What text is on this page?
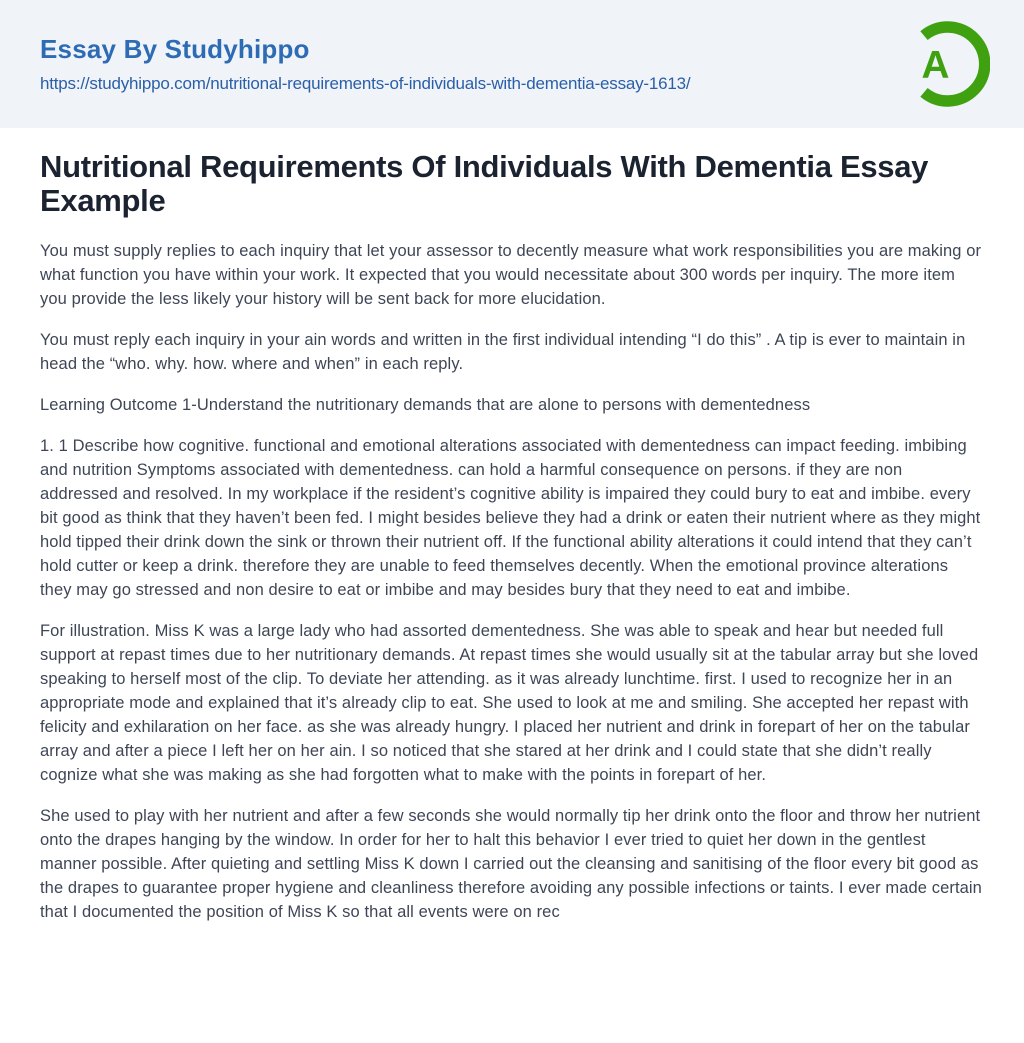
Essay By Studyhippo
https://studyhippo.com/nutritional-requirements-of-individuals-with-dementia-essay-1613/	A
Nutritional Requirements Of Individuals With Dementia Essay Example

You must supply replies to each inquiry that let your assessor to decently measure what work responsibilities you are making or what function you have within your work. It expected that you would necessitate about 300 words per inquiry. The more item you provide the less likely your history will be sent back for more elucidation.

You must reply each inquiry in your ain words and written in the first individual intending “I do this” . A tip is ever to maintain in head the “who. why. how. where and when” in each reply.

Learning Outcome 1-Understand the nutritionary demands that are alone to persons with dementedness

1. 1 Describe how cognitive. functional and emotional alterations associated with dementedness can impact feeding. imbibing and nutrition Symptoms associated with dementedness. can hold a harmful consequence on persons. if they are non addressed and resolved. In my workplace if the resident’s cognitive ability is impaired they could bury to eat and imbibe. every bit good as think that they haven’t been fed. I might besides believe they had a drink or eaten their nutrient where as they might hold tipped their drink down the sink or thrown their nutrient off. If the functional ability alterations it could intend that they can’t hold cutter or keep a drink. therefore they are unable to feed themselves decently. When the emotional province alterations they may go stressed and non desire to eat or imbibe and may besides bury that they need to eat and imbibe.

For illustration. Miss K was a large lady who had assorted dementedness. She was able to speak and hear but needed full support at repast times due to her nutritionary demands. At repast times she would usually sit at the tabular array but she loved speaking to herself most of the clip. To deviate her attending. as it was already lunchtime. first. I used to recognize her in an appropriate mode and explained that it’s already clip to eat. She used to look at me and smiling. She accepted her repast with felicity and exhilaration on her face. as she was already hungry. I placed her nutrient and drink in forepart of her on the tabular array and after a piece I left her on her ain. I so noticed that she stared at her drink and I could state that she didn’t really cognize what she was making as she had forgotten what to make with the points in forepart of her.

She used to play with her nutrient and after a few seconds she would normally tip her drink onto the floor and throw her nutrient onto the drapes hanging by the window. In order for her to halt this behavior I ever tried to quiet her down in the gentlest manner possible. After quieting and settling Miss K down I carried out the cleansing and sanitising of the floor every bit good as the drapes to guarantee proper hygiene and cleanliness therefore avoiding any possible infections or taints. I ever made certain that I documented the position of Miss K so that all events were on rec
